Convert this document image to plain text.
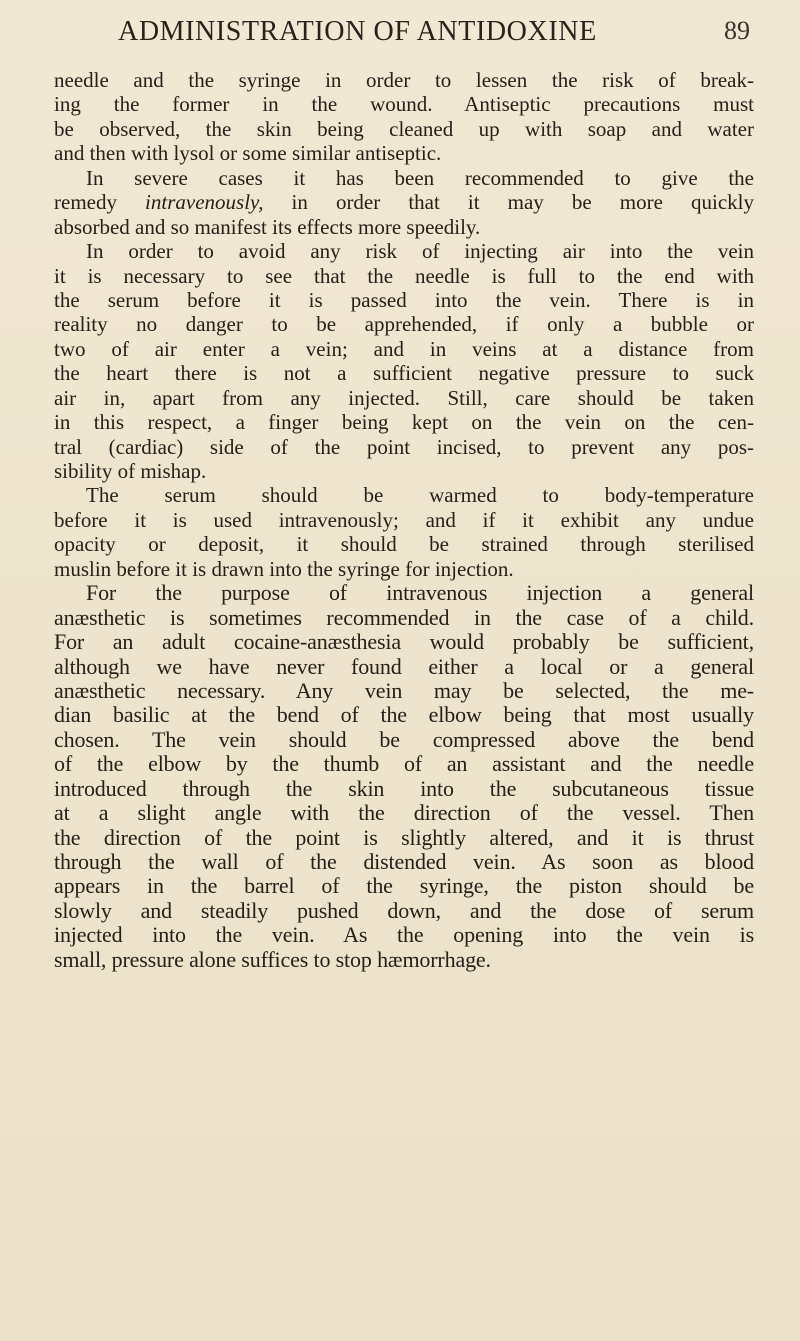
ADMINISTRATION OF ANTIDOXINE	89
needle and the syringe in order to lessen the risk of break-
ing the former in the wound. Antiseptic precautions must
be observed, the skin being cleaned up with soap and water
and then with lysol or some similar antiseptic.
In severe cases it has been recommended to give the
remedy intravenously, in order that it may be more quickly
absorbed and so manifest its effects more speedily.
In order to avoid any risk of injecting air into the vein
it is necessary to see that the needle is full to the end with
the serum before it is passed into the vein. There is in
reality no danger to be apprehended, if only a bubble or
two of air enter a vein; and in veins at a distance from
the heart there is not a sufficient negative pressure to suck
air in, apart from any injected. Still, care should be taken
in this respect, a finger being kept on the vein on the cen-
tral (cardiac) side of the point incised, to prevent any pos-
sibility of mishap.
The serum should be warmed to body-temperature
before it is used intravenously; and if it exhibit any undue
opacity or deposit, it should be strained through sterilised
muslin before it is drawn into the syringe for injection.
For the purpose of intravenous injection a general
anæsthetic is sometimes recommended in the case of a child.
For an adult cocaine-anæsthesia would probably be sufficient,
although we have never found either a local or a general
anæsthetic necessary. Any vein may be selected, the me-
dian basilic at the bend of the elbow being that most usually
chosen. The vein should be compressed above the bend
of the elbow by the thumb of an assistant and the needle
introduced through the skin into the subcutaneous tissue
at a slight angle with the direction of the vessel. Then
the direction of the point is slightly altered, and it is thrust
through the wall of the distended vein. As soon as blood
appears in the barrel of the syringe, the piston should be
slowly and steadily pushed down, and the dose of serum
injected into the vein. As the opening into the vein is
small, pressure alone suffices to stop hæmorrhage.
